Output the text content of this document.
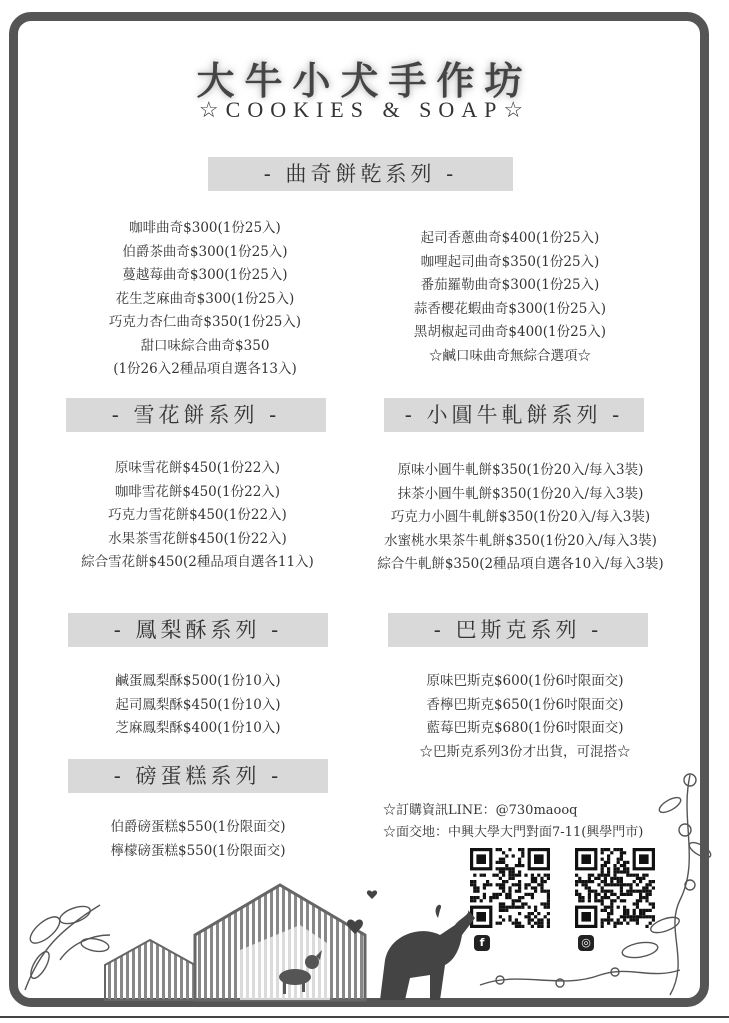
大牛小犬手作坊
☆COOKIES & SOAP☆
- 曲奇餅乾系列 -
咖啡曲奇$300(1份25入)
伯爵茶曲奇$300(1份25入)
蔓越莓曲奇$300(1份25入)
花生芝麻曲奇$300(1份25入)
巧克力杏仁曲奇$350(1份25入)
甜口味綜合曲奇$350
(1份26入2種品項自選各13入)
起司香蔥曲奇$400(1份25入)
咖哩起司曲奇$350(1份25入)
番茄羅勒曲奇$300(1份25入)
蒜香櫻花蝦曲奇$300(1份25入)
黑胡椒起司曲奇$400(1份25入)
☆鹹口味曲奇無綜合選項☆
- 雪花餅系列 -
原味雪花餅$450(1份22入)
咖啡雪花餅$450(1份22入)
巧克力雪花餅$450(1份22入)
水果茶雪花餅$450(1份22入)
綜合雪花餅$450(2種品項自選各11入)
- 小圓牛軋餅系列 -
原味小圓牛軋餅$350(1份20入/每入3裝)
抹茶小圓牛軋餅$350(1份20入/每入3裝)
巧克力小圓牛軋餅$350(1份20入/每入3裝)
水蜜桃水果茶牛軋餅$350(1份20入/每入3裝)
綜合牛軋餅$350(2種品項自選各10入/每入3裝)
- 鳳梨酥系列 -
鹹蛋鳳梨酥$500(1份10入)
起司鳳梨酥$450(1份10入)
芝麻鳳梨酥$400(1份10入)
- 巴斯克系列 -
原味巴斯克$600(1份6吋限面交)
香檸巴斯克$650(1份6吋限面交)
藍莓巴斯克$680(1份6吋限面交)
☆巴斯克系列3份才出貨，可混搭☆
- 磅蛋糕系列 -
伯爵磅蛋糕$550(1份限面交)
檸檬磅蛋糕$550(1份限面交)
☆訂購資訊LINE：@730maooq
☆面交地：中興大學大門對面7-11(興學門市)
f	◎
